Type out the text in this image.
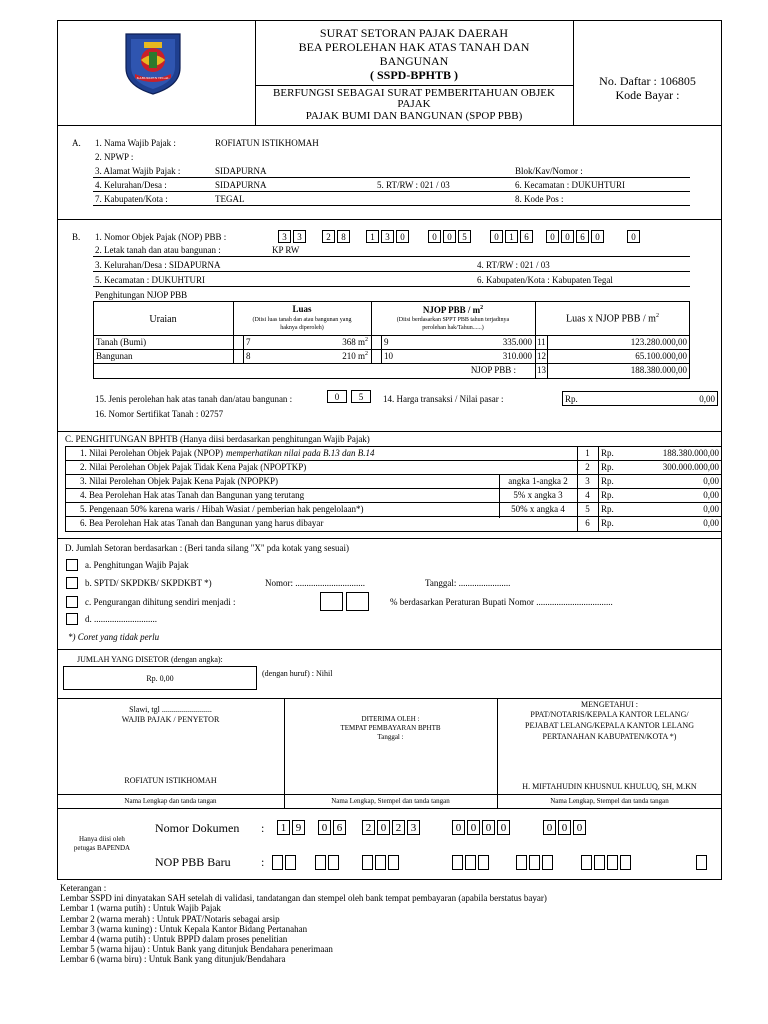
KABUPATEN TEGAL
SURAT SETORAN PAJAK DAERAH
BEA PEROLEHAN HAK ATAS TANAH DAN
BANGUNAN
( SSPD-BPHTB )
BERFUNGSI SEBAGAI SURAT PEMBERITAHUAN OBJEK
PAJAK
PAJAK BUMI DAN BANGUNAN (SPOP PBB)
No. Daftar : 106805
Kode Bayar :
A. 1. Nama Wajib Pajak :	ROFIATUN ISTIKHOMAH
2. NPWP :
3. Alamat Wajib Pajak :	SIDAPURNA	Blok/Kav/Nomor :
4. Kelurahan/Desa :	SIDAPURNA	5. RT/RW : 021 / 03	6. Kecamatan : DUKUHTURI
7. Kabupaten/Kota :	TEGAL	8. Kode Pos :
B. 1. Nomor Objek Pajak (NOP) PBB :
2. Letak tanah dan atau bangunan :	KP RW
3. Kelurahan/Desa : SIDAPURNA	4. RT/RW : 021 / 03
5. Kecamatan : DUKUHTURI	6. Kabupaten/Kota : Kabupaten Tegal
Penghitungan NJOP PBB
Uraian
Luas
(Diisi luas tanah dan atau bangunan yang
haknya diperoleh)
NJOP PBB / $m^2$
(Diisi berdasarkan SPPT PBB tahun terjadinya
perolehan hak/Tahun......)
Luas x NJOP PBB / $m^2$
Tanah (Bumi)	7	368 $m^2$ 9	335.000 11	123.280.000,00
Bangunan	8	210 $m^2$ 10	310.000 12	65.100.000,00
NJOP PBB : 13	188.380.000,00
15. Jenis perolehan hak atas tanah dan/atau bangunan :	0	5	14. Harga transaksi / Nilai pasar :	Rp.	0,00
16. Nomor Sertifikat Tanah : 02757
C. PENGHITUNGAN BPHTB (Hanya diisi berdasarkan penghitungan Wajib Pajak)
D. Jumlah Setoran berdasarkan : (Beri tanda silang "X" pda kotak yang sesuai)
a. Penghitungan Wajib Pajak
b. SPTD/ SKPDKB/ SKPDKBT *)	Nomor: ...............................	Tanggal: .......................
c. Pengurangan dihitung sendiri menjadi :	% berdasarkan Peraturan Bupati Nomor ..................................
d. ............................
*) Coret yang tidak perlu
JUMLAH YANG DISETOR (dengan angka):
Rp. 0,00
(dengan huruf) : Nihil
Slawi, tgl .........................
WAJIB PAJAK / PENYETOR
ROFIATUN ISTIKHOMAH
Nama Lengkap dan tanda tangan
DITERIMA OLEH :
TEMPAT PEMBAYARAN BPHTB
Tanggal :
Nama Lengkap, Stempel dan tanda tangan
MENGETAHUI :
PPAT/NOTARIS/KEPALA KANTOR LELANG/
PEJABAT LELANG/KEPALA KANTOR LELANG
PERTANAHAN KABUPATEN/KOTA *)
H. MIFTAHUDIN KHUSNUL KHULUQ, SH, M.KN
Nama Lengkap, Stempel dan tanda tangan
Hanya diisi oleh
petugas BAPENDA
Nomor Dokumen :
NOP PBB Baru	:
3	3	2	8	1	3	0	0	0	5	0	1	6	0	0	6	0	0
1. Nilai Perolehan Objek Pajak (NPOP) memperhatikan nilai pada B.13 dan B.14	1	Rp.	188.380.000,00
2. Nilai Perolehan Objek Pajak Tidak Kena Pajak (NPOPTKP)	2	Rp.	300.000.000,00
3. Nilai Perolehan Objek Pajak Kena Pajak (NPOPKP)	angka 1-angka 2	3	Rp.	0,00
4. Bea Perolehan Hak atas Tanah dan Bangunan yang terutang	5% x angka 3	4	Rp.	0,00
5. Pengenaan 50% karena waris / Hibah Wasiat / pemberian hak pengelolaan*)	50% x angka 4	5	Rp.	0,00
6. Bea Perolehan Hak atas Tanah dan Bangunan yang harus dibayar	6	Rp.	0,00
1 9	0 6	2 0 2 3	0 0 0 0	0 0 0
Keterangan :
Lembar SSPD ini dinyatakan SAH setelah di validasi, tandatangan dan stempel oleh bank tempat pembayaran (apabila berstatus bayar)
Lembar 1 (warna putih) : Untuk Wajib Pajak
Lembar 2 (warna merah) : Untuk PPAT/Notaris sebagai arsip
Lembar 3 (warna kuning) : Untuk Kepala Kantor Bidang Pertanahan
Lembar 4 (warna putih) : Untuk BPPD dalam proses penelitian
Lembar 5 (warna hijau) : Untuk Bank yang ditunjuk Bendahara penerimaan
Lembar 6 (warna biru) : Untuk Bank yang ditunjuk/Bendahara
